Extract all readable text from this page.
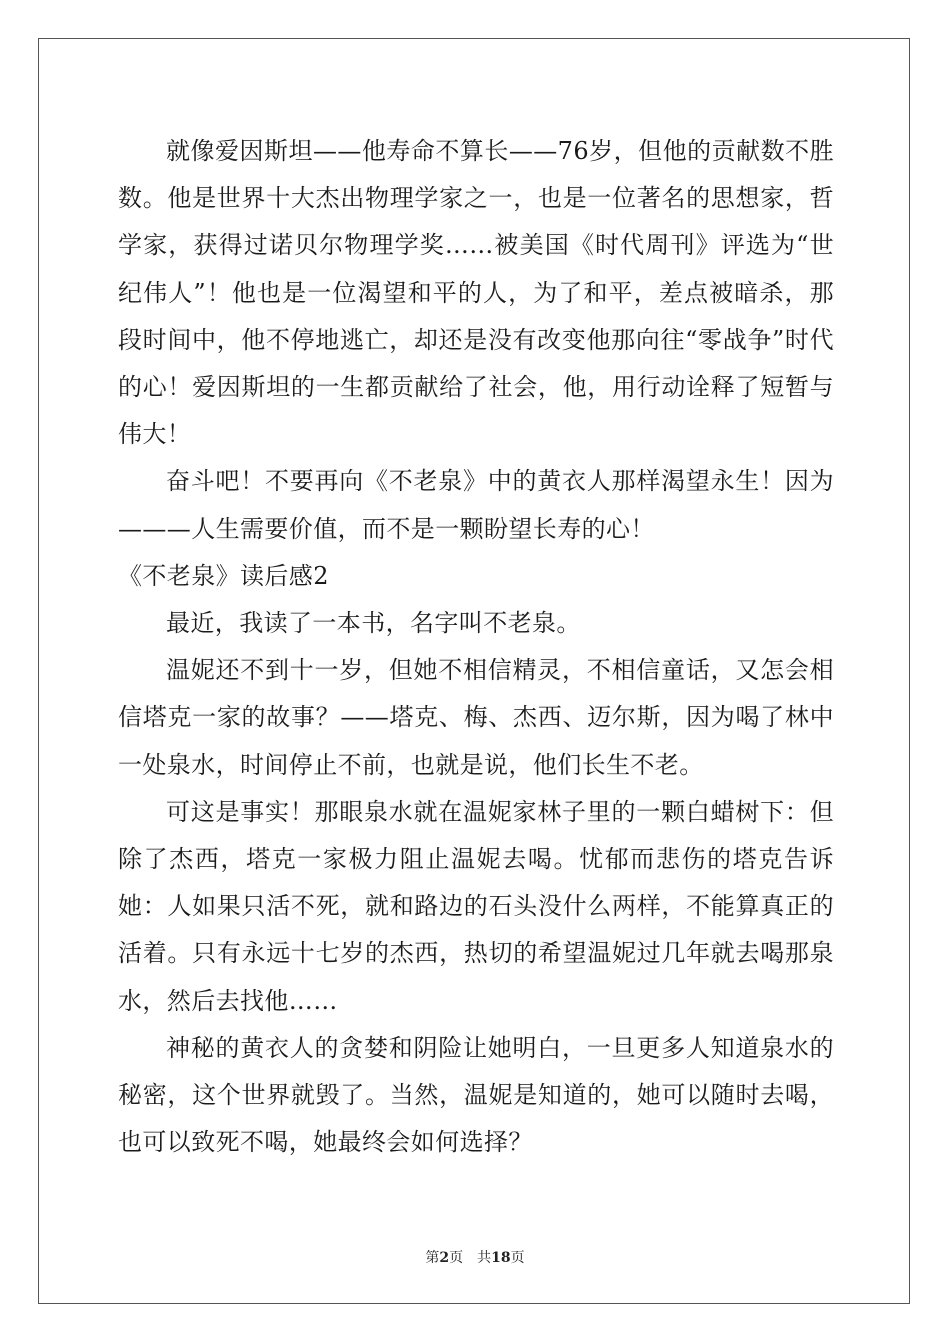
就像爱因斯坦——他寿命不算长——76岁，但他的贡献数不胜数。他是世界十大杰出物理学家之一，也是一位著名的思想家，哲学家，获得过诺贝尔物理学奖……被美国《时代周刊》评选为“世纪伟人”！他也是一位渴望和平的人，为了和平，差点被暗杀，那段时间中，他不停地逃亡，却还是没有改变他那向往“零战争”时代的心！爱因斯坦的一生都贡献给了社会，他，用行动诠释了短暂与伟大！

奋斗吧！不要再向《不老泉》中的黄衣人那样渴望永生！因为———人生需要价值，而不是一颗盼望长寿的心！

《不老泉》读后感2

最近，我读了一本书，名字叫不老泉。

温妮还不到十一岁，但她不相信精灵，不相信童话，又怎会相信塔克一家的故事？——塔克、梅、杰西、迈尔斯，因为喝了林中一处泉水，时间停止不前，也就是说，他们长生不老。

可这是事实！那眼泉水就在温妮家林子里的一颗白蜡树下：但除了杰西，塔克一家极力阻止温妮去喝。忧郁而悲伤的塔克告诉她：人如果只活不死，就和路边的石头没什么两样，不能算真正的活着。只有永远十七岁的杰西，热切的希望温妮过几年就去喝那泉水，然后去找他……

神秘的黄衣人的贪婪和阴险让她明白，一旦更多人知道泉水的秘密，这个世界就毁了。当然，温妮是知道的，她可以随时去喝，也可以致死不喝，她最终会如何选择？

第2页 共18页
